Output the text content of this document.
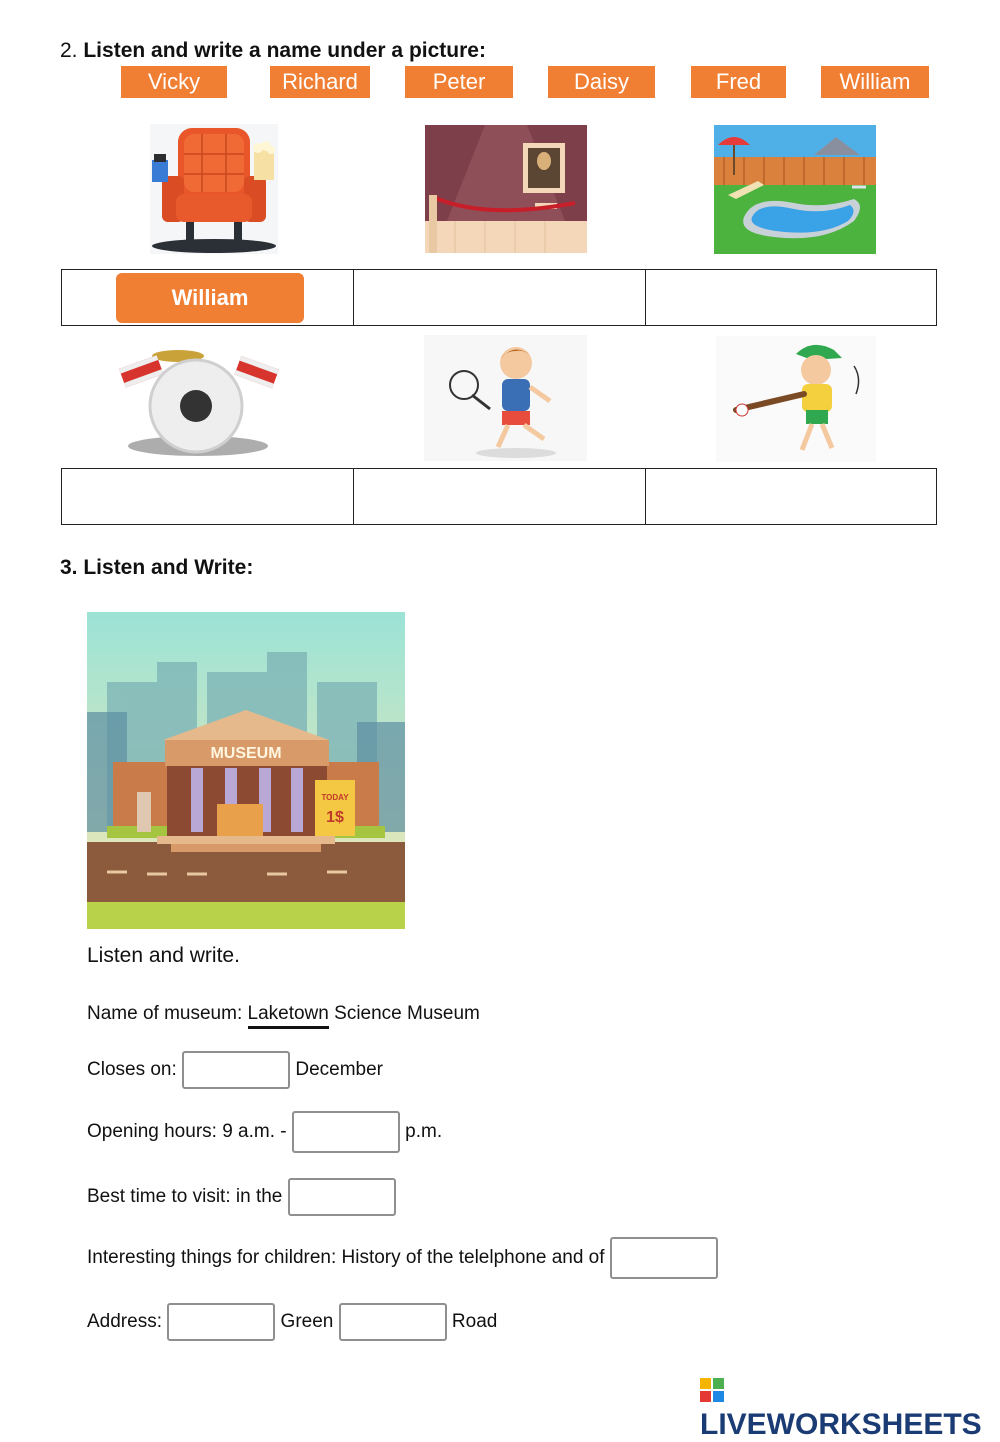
2. Listen and write a name under a picture:
Vicky	Richard	Peter	Daisy	Fred	William
William
3. Listen and Write:
MUSEUM
TODAY
1$
Listen and write.
Name of museum: Laketown Science Museum
Closes on:	December
Opening hours: 9 a.m. -	p.m.
Best time to visit: in the
Interesting things for children: History of the telelphone and of
Address:	Green	Road
LIVEWORKSHEETS
